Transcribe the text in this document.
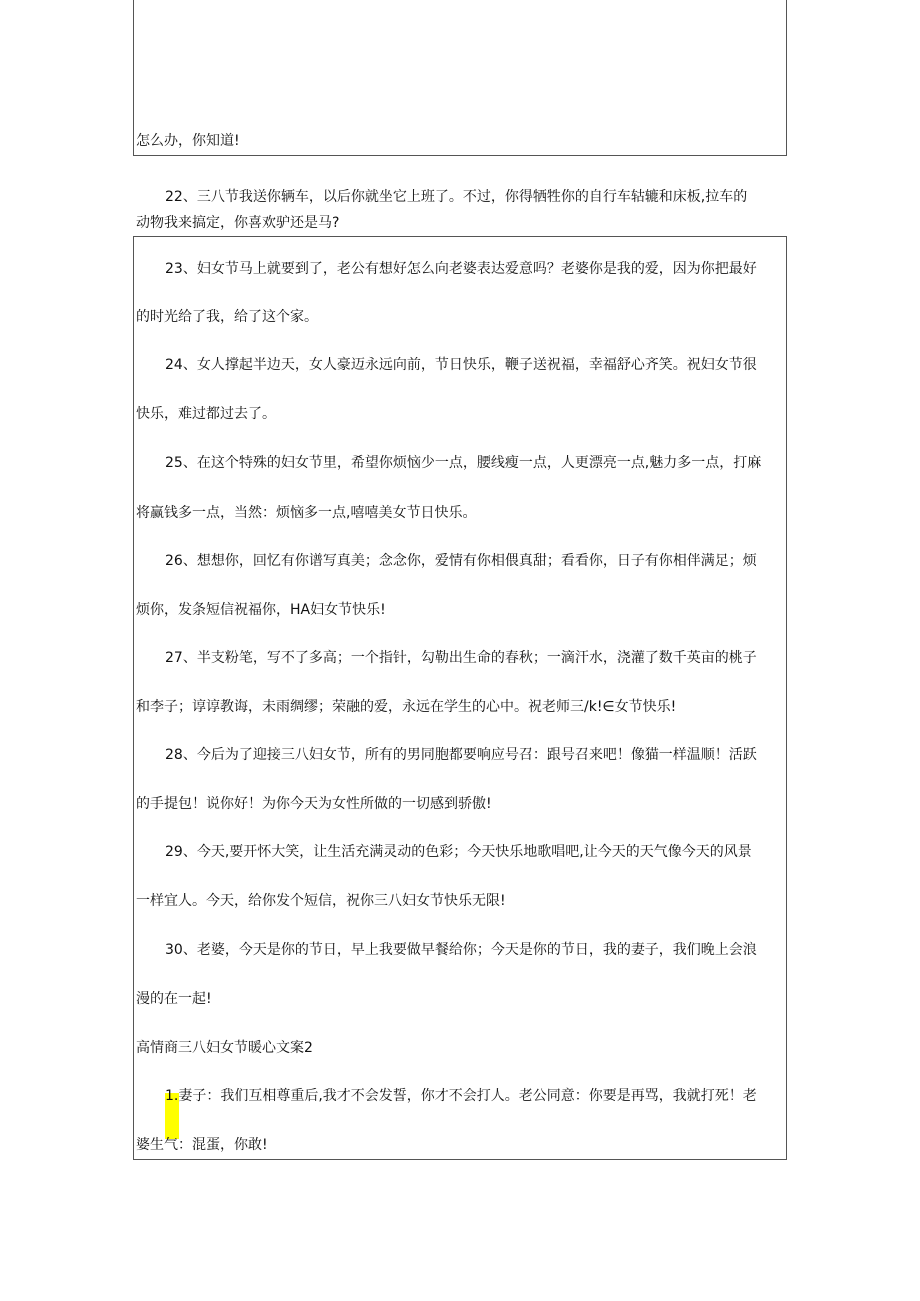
怎么办，你知道!
22、三八节我送你辆车，以后你就坐它上班了。不过，你得牺牲你的自行车轱辘和床板,拉车的
动物我来搞定，你喜欢驴还是马?
23、妇女节马上就要到了，老公有想好怎么向老婆表达爱意吗？老婆你是我的爱，因为你把最好
的时光给了我，给了这个家。
24、女人撑起半边天，女人豪迈永远向前，节日快乐，鞭子送祝福，幸福舒心齐笑。祝妇女节很
快乐，难过都过去了。
25、在这个特殊的妇女节里，希望你烦恼少一点，腰线瘦一点，人更漂亮一点,魅力多一点，打麻
将赢钱多一点，当然：烦恼多一点,嘻嘻美女节日快乐。
26、想想你，回忆有你谱写真美；念念你，爱情有你相偎真甜；看看你，日子有你相伴满足；烦
烦你，发条短信祝福你，HA妇女节快乐!
27、半支粉笔，写不了多高；一个指针，勾勒出生命的春秋；一滴汗水，浇灌了数千英亩的桃子
和李子；谆谆教诲，未雨绸缪；荣融的爱，永远在学生的心中。祝老师三/k!∈女节快乐!
28、今后为了迎接三八妇女节，所有的男同胞都要响应号召：跟号召来吧！像猫一样温顺！活跃
的手提包！说你好！为你今天为女性所做的一切感到骄傲!
29、今天,要开怀大笑，让生活充满灵动的色彩；今天快乐地歌唱吧,让今天的天气像今天的风景
一样宜人。今天，给你发个短信，祝你三八妇女节快乐无限!
30、老婆，今天是你的节日，早上我要做早餐给你；今天是你的节日，我的妻子，我们晚上会浪
漫的在一起!
高情商三八妇女节暖心文案2
1.妻子：我们互相尊重后,我才不会发誓，你才不会打人。老公同意：你要是再骂，我就打死！老
婆生气：混蛋，你敢!
